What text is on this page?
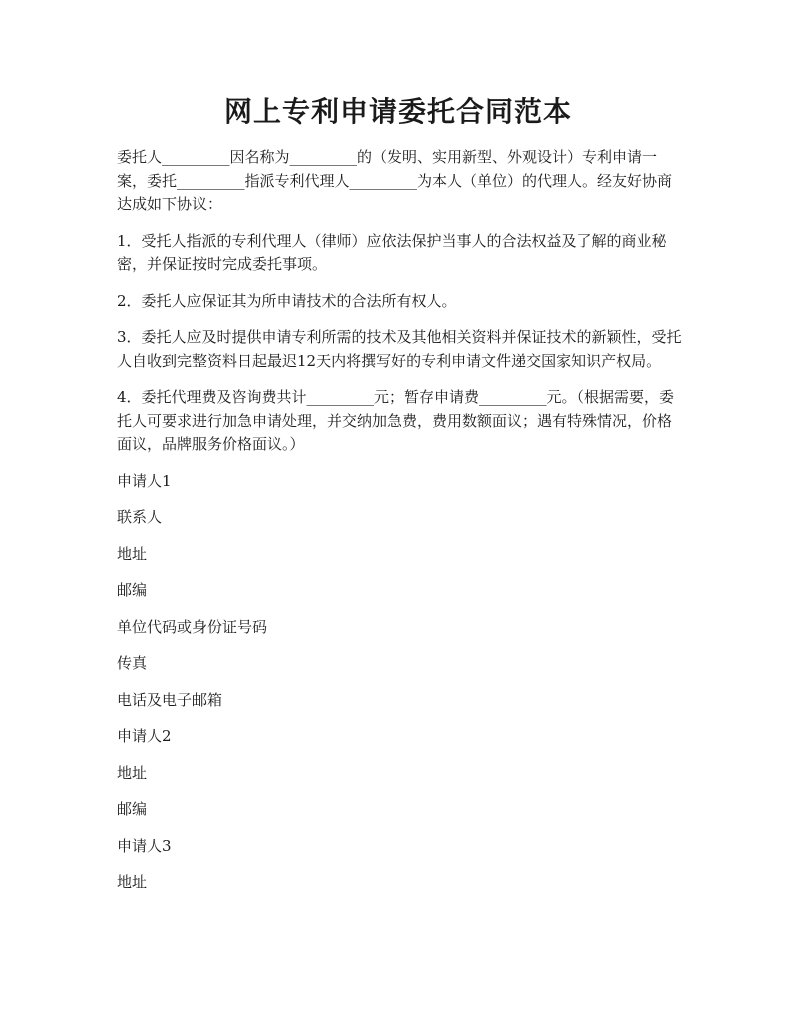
网上专利申请委托合同范本

委托人_________因名称为_________的（发明、实用新型、外观设计）专利申请一案，委托_________指派专利代理人_________为本人（单位）的代理人。经友好协商达成如下协议：

1．受托人指派的专利代理人（律师）应依法保护当事人的合法权益及了解的商业秘密，并保证按时完成委托事项。

2．委托人应保证其为所申请技术的合法所有权人。

3．委托人应及时提供申请专利所需的技术及其他相关资料并保证技术的新颖性，受托人自收到完整资料日起最迟12天内将撰写好的专利申请文件递交国家知识产权局。

4．委托代理费及咨询费共计_________元；暂存申请费_________元。（根据需要，委托人可要求进行加急申请处理，并交纳加急费，费用数额面议；遇有特殊情况，价格面议，品牌服务价格面议。）

申请人1
联系人
地址
邮编
单位代码或身份证号码
传真
电话及电子邮箱
申请人2
地址
邮编
申请人3
地址
